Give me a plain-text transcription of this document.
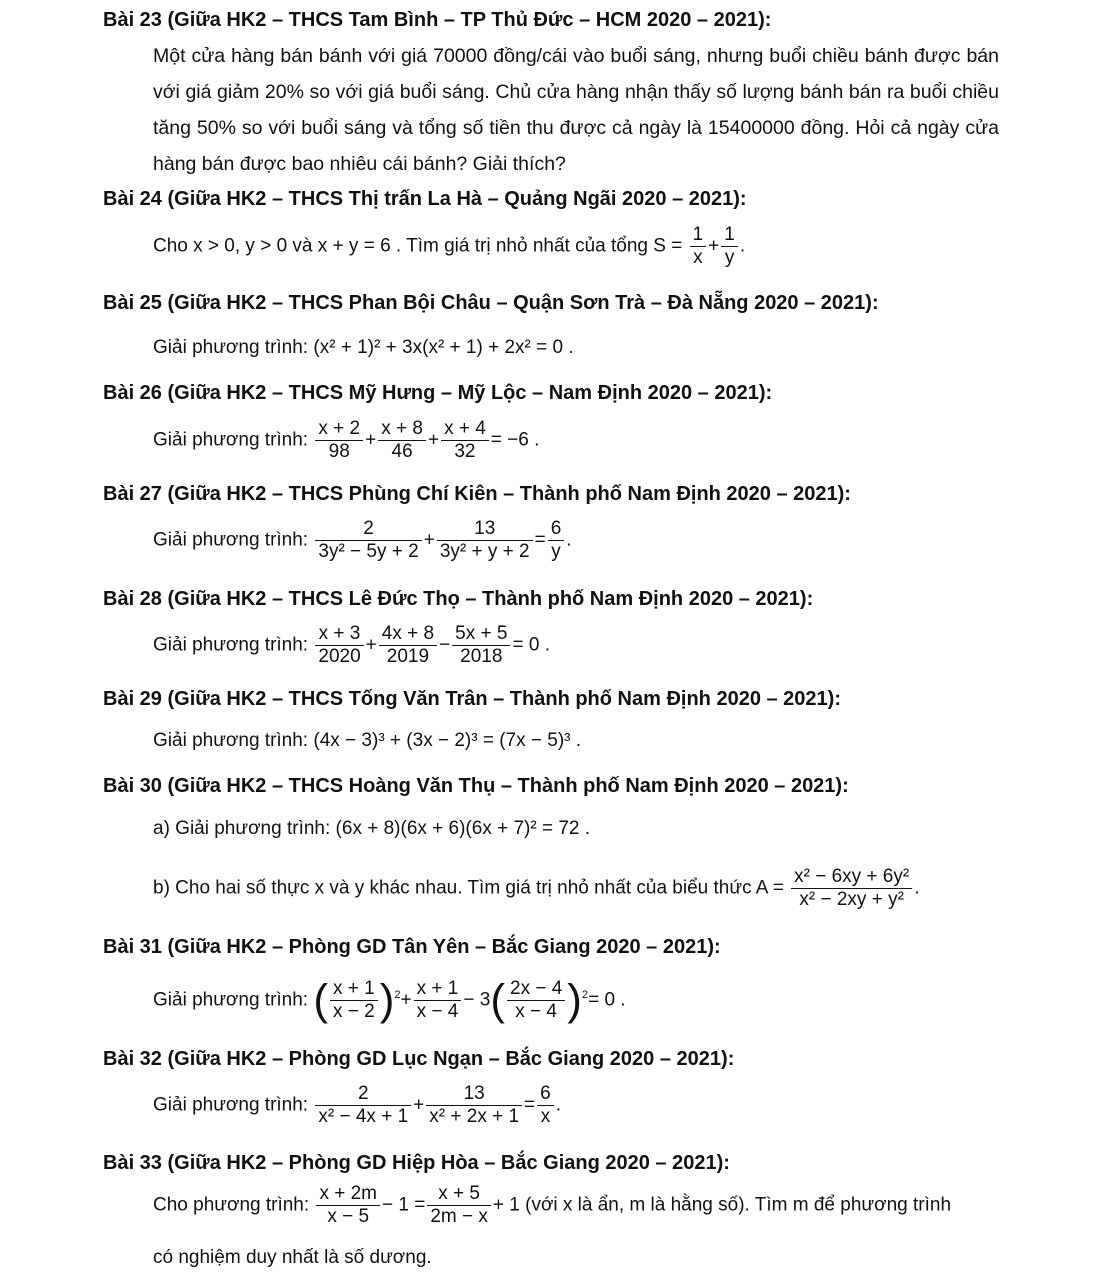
Bài 23 (Giữa HK2 – THCS Tam Bình – TP Thủ Đức – HCM 2020 – 2021):
Một cửa hàng bán bánh với giá 70000 đồng/cái vào buổi sáng, nhưng buổi chiều bánh được bán với giá giảm 20% so với giá buổi sáng. Chủ cửa hàng nhận thấy số lượng bánh bán ra buổi chiều tăng 50% so với buổi sáng và tổng số tiền thu được cả ngày là 15400000 đồng. Hỏi cả ngày cửa hàng bán được bao nhiêu cái bánh? Giải thích?
Bài 24 (Giữa HK2 – THCS Thị trấn La Hà – Quảng Ngãi 2020 – 2021):
Cho x > 0, y > 0 và x + y = 6 . Tìm giá trị nhỏ nhất của tổng $S = \frac{1}{x} + \frac{1}{y}$ .
Bài 25 (Giữa HK2 – THCS Phan Bội Châu – Quận Sơn Trà – Đà Nẵng 2020 – 2021):
Giải phương trình: (x² + 1)² + 3x(x² + 1) + 2x² = 0 .
Bài 26 (Giữa HK2 – THCS Mỹ Hưng – Mỹ Lộc – Nam Định 2020 – 2021):
Giải phương trình: $\frac{x + 2}{98} + \frac{x + 8}{46} + \frac{x + 4}{32} = -6$ .
Bài 27 (Giữa HK2 – THCS Phùng Chí Kiên – Thành phố Nam Định 2020 – 2021):
Giải phương trình: $\frac{2}{\text{3y² − 5y + 2}} + \frac{13}{\text{3y² + y + 2}} = \frac{6}{y}$ .
Bài 28 (Giữa HK2 – THCS Lê Đức Thọ – Thành phố Nam Định 2020 – 2021):
Giải phương trình: $\frac{x + 3}{2020} + \frac{4x + 8}{2019} - \frac{5x + 5}{2018} = 0$ .
Bài 29 (Giữa HK2 – THCS Tống Văn Trân – Thành phố Nam Định 2020 – 2021):
Giải phương trình: (4x − 3)³ + (3x − 2)³ = (7x − 5)³ .
Bài 30 (Giữa HK2 – THCS Hoàng Văn Thụ – Thành phố Nam Định 2020 – 2021):
a) Giải phương trình: (6x + 8)(6x + 6)(6x + 7)² = 72 .
b) Cho hai số thực x và y khác nhau. Tìm giá trị nhỏ nhất của biểu thức $A = \frac{\text{x² − 6xy + 6y²}}{\text{x² − 2xy + y²}}$ .
Bài 31 (Giữa HK2 – Phòng GD Tân Yên – Bắc Giang 2020 – 2021):
Giải phương trình: ( $\frac{x + 1}{x - 2} )^2+ \frac{x + 1}{x - 4} - 3( \frac{2x - 4}{x - 4} )^2= 0$ .
Bài 32 (Giữa HK2 – Phòng GD Lục Ngạn – Bắc Giang 2020 – 2021):
Giải phương trình: $\frac{2}{\text{x² − 4x + 1}} + \frac{13}{\text{x² + 2x + 1}} = \frac{6}{x}$ .
Bài 33 (Giữa HK2 – Phòng GD Hiệp Hòa – Bắc Giang 2020 – 2021):
Cho phương trình: $\frac{x + 2m}{x - 5} - 1 = \frac{x + 5}{2m - x} + 1$ (với x là ẩn, m là hằng số). Tìm m để phương trình
có nghiệm duy nhất là số dương.
